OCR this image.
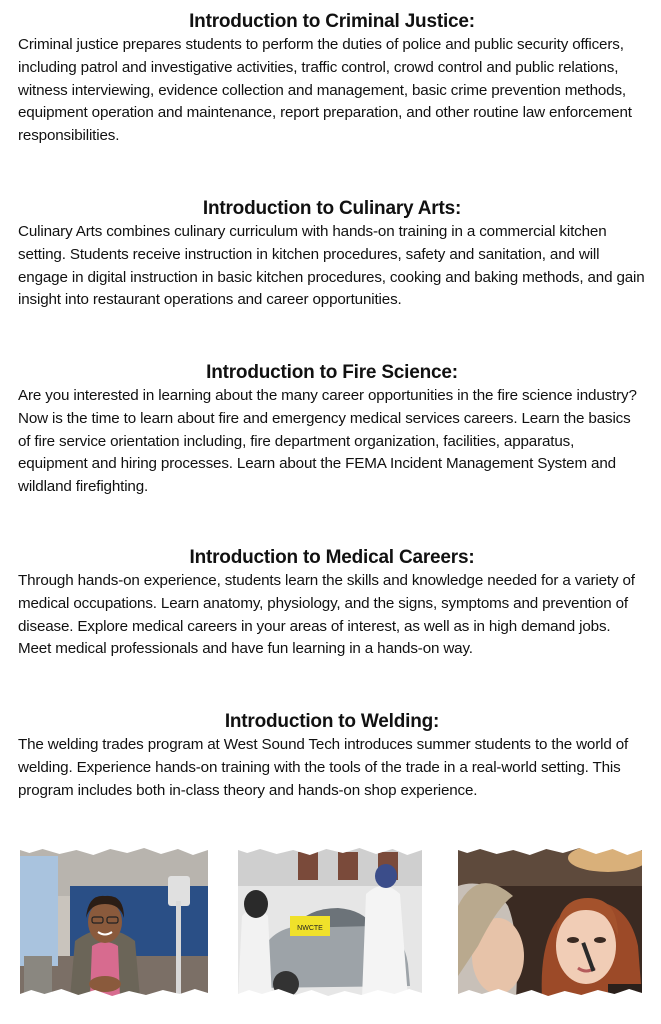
Introduction to Criminal Justice:

Criminal justice prepares students to perform the duties of police and public security officers, including patrol and investigative activities, traffic control, crowd control and public relations, witness interviewing, evidence collection and management, basic crime prevention methods, equipment operation and maintenance, report preparation, and other routine law enforcement responsibilities.

Introduction to Culinary Arts:

Culinary Arts combines culinary curriculum with hands-on training in a commercial kitchen setting. Students receive instruction in kitchen procedures, safety and sanitation, and will engage in digital instruction in basic kitchen procedures, cooking and baking methods, and gain insight into restaurant operations and career opportunities.

Introduction to Fire Science:

Are you interested in learning about the many career opportunities in the fire science industry? Now is the time to learn about fire and emergency medical services careers. Learn the basics of fire service orientation including, fire department organization, facilities, apparatus, equipment and hiring processes. Learn about the FEMA Incident Management System and wildland firefighting.

Introduction to Medical Careers:

Through hands-on experience, students learn the skills and knowledge needed for a variety of medical occupations. Learn anatomy, physiology, and the signs, symptoms and prevention of disease. Explore medical careers in your areas of interest, as well as in high demand jobs. Meet medical professionals and have fun learning in a hands-on way.

Introduction to Welding:

The welding trades program at West Sound Tech introduces summer students to the world of welding. Experience hands-on training with the tools of the trade in a real-world setting. This program includes both in-class theory and hands-on shop experience.

NWCTE
